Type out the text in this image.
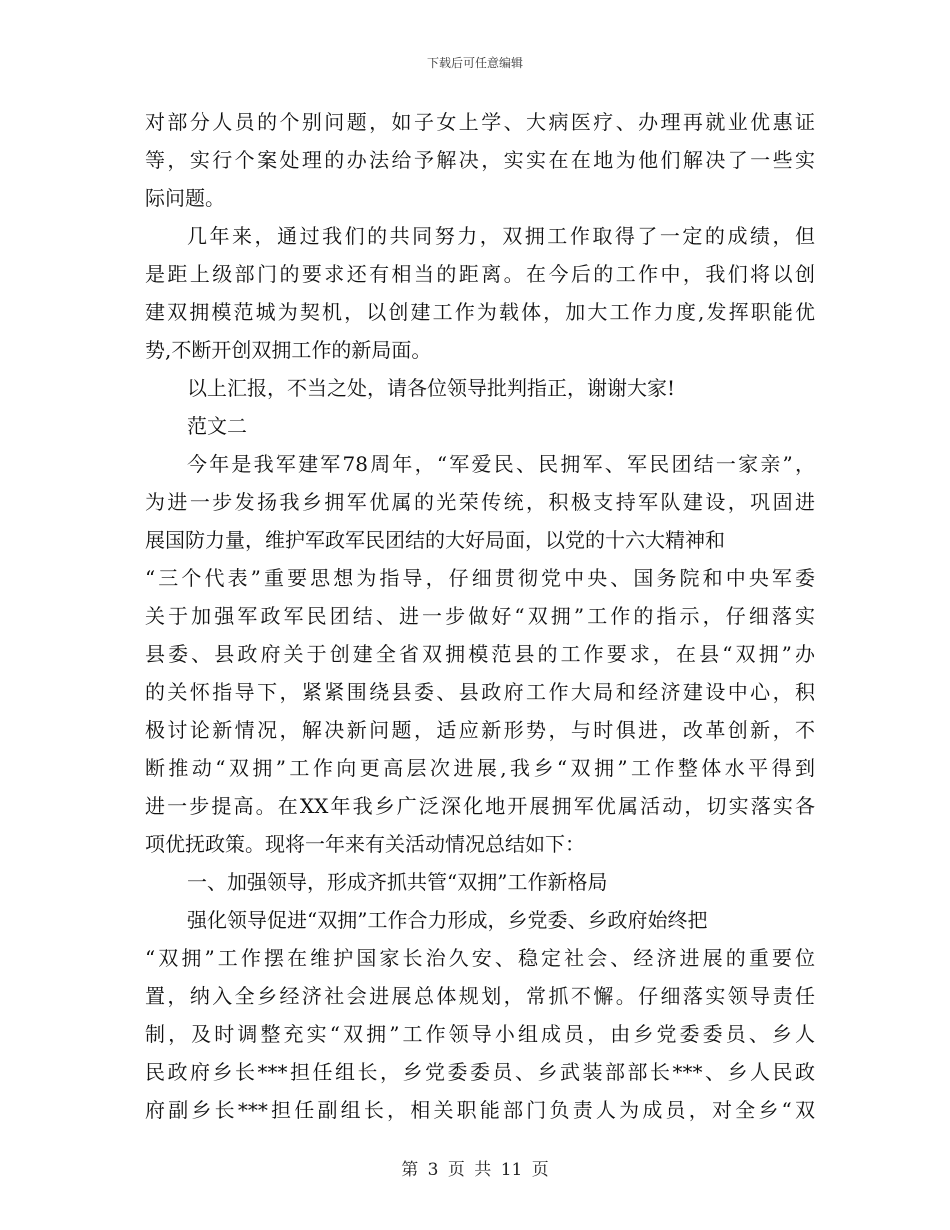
下载后可任意编辑
对部分人员的个别问题，如子女上学、大病医疗、办理再就业优惠证
等，实行个案处理的办法给予解决，实实在在地为他们解决了一些实
际问题。
几年来，通过我们的共同努力，双拥工作取得了一定的成绩，但
是距上级部门的要求还有相当的距离。在今后的工作中，我们将以创
建双拥模范城为契机，以创建工作为载体，加大工作力度,发挥职能优
势,不断开创双拥工作的新局面。
以上汇报，不当之处，请各位领导批判指正，谢谢大家!
范文二
今年是我军建军78周年，“军爱民、民拥军、军民团结一家亲”，
为进一步发扬我乡拥军优属的光荣传统，积极支持军队建设，巩固进
展国防力量，维护军政军民团结的大好局面，以党的十六大精神和
“三个代表”重要思想为指导，仔细贯彻党中央、国务院和中央军委
关于加强军政军民团结、进一步做好“双拥”工作的指示，仔细落实
县委、县政府关于创建全省双拥模范县的工作要求，在县“双拥”办
的关怀指导下，紧紧围绕县委、县政府工作大局和经济建设中心，积
极讨论新情况，解决新问题，适应新形势，与时俱进，改革创新，不
断推动“双拥”工作向更高层次进展,我乡“双拥”工作整体水平得到
进一步提高。在XX年我乡广泛深化地开展拥军优属活动，切实落实各
项优抚政策。现将一年来有关活动情况总结如下：
一、加强领导，形成齐抓共管“双拥”工作新格局
强化领导促进“双拥”工作合力形成，乡党委、乡政府始终把
“双拥”工作摆在维护国家长治久安、稳定社会、经济进展的重要位
置，纳入全乡经济社会进展总体规划，常抓不懈。仔细落实领导责任
制，及时调整充实“双拥”工作领导小组成员，由乡党委委员、乡人
民政府乡长***担任组长，乡党委委员、乡武装部部长***、乡人民政
府副乡长***担任副组长，相关职能部门负责人为成员，对全乡“双
第 3 页 共 11 页
